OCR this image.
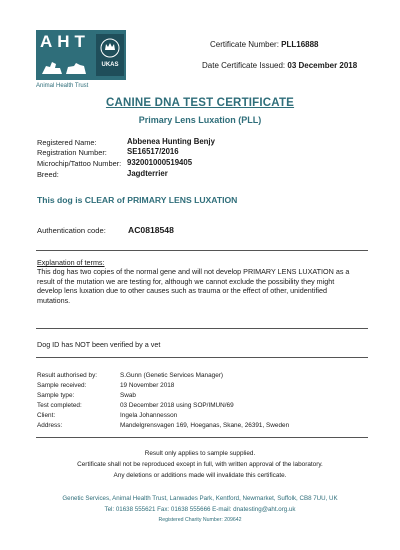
AHT
UKAS
Animal Health Trust
Certificate Number: PLL16888
Date Certificate Issued: 03 December 2018
CANINE DNA TEST CERTIFICATE
Primary Lens Luxation (PLL)
Registered Name:	Abbenea Hunting Benjy
Registration Number:	SE16517/2016
Microchip/Tattoo Number: 932001000519405
Breed:	Jagdterrier
This dog is CLEAR of PRIMARY LENS LUXATION
Authentication code:	AC0818548
Explanation of terms:
This dog has two copies of the normal gene and will not develop PRIMARY LENS LUXATION as a result of the mutation we are testing for, although we cannot exclude the possibility they might develop lens luxation due to other causes such as trauma or the effect of other, unidentified mutations.
Dog ID has NOT been verified by a vet
Result authorised by:	S.Gunn (Genetic Services Manager)
Sample received:	19 November 2018
Sample type:	Swab
Test completed:	03 December 2018 using SOP/IMUN/69
Client:	Ingela Johannesson
Address:	Mandelgrensvagen 169, Hoeganas, Skane, 26391, Sweden
Result only applies to sample supplied.
Certificate shall not be reproduced except in full, with written approval of the laboratory.
Any deletions or additions made will invalidate this certificate.
Genetic Services, Animal Health Trust, Lanwades Park, Kentford, Newmarket, Suffolk, CB8 7UU, UK
Tel: 01638 555621 Fax: 01638 555666 E-mail: dnatesting@aht.org.uk
Registered Charity Number: 209642
